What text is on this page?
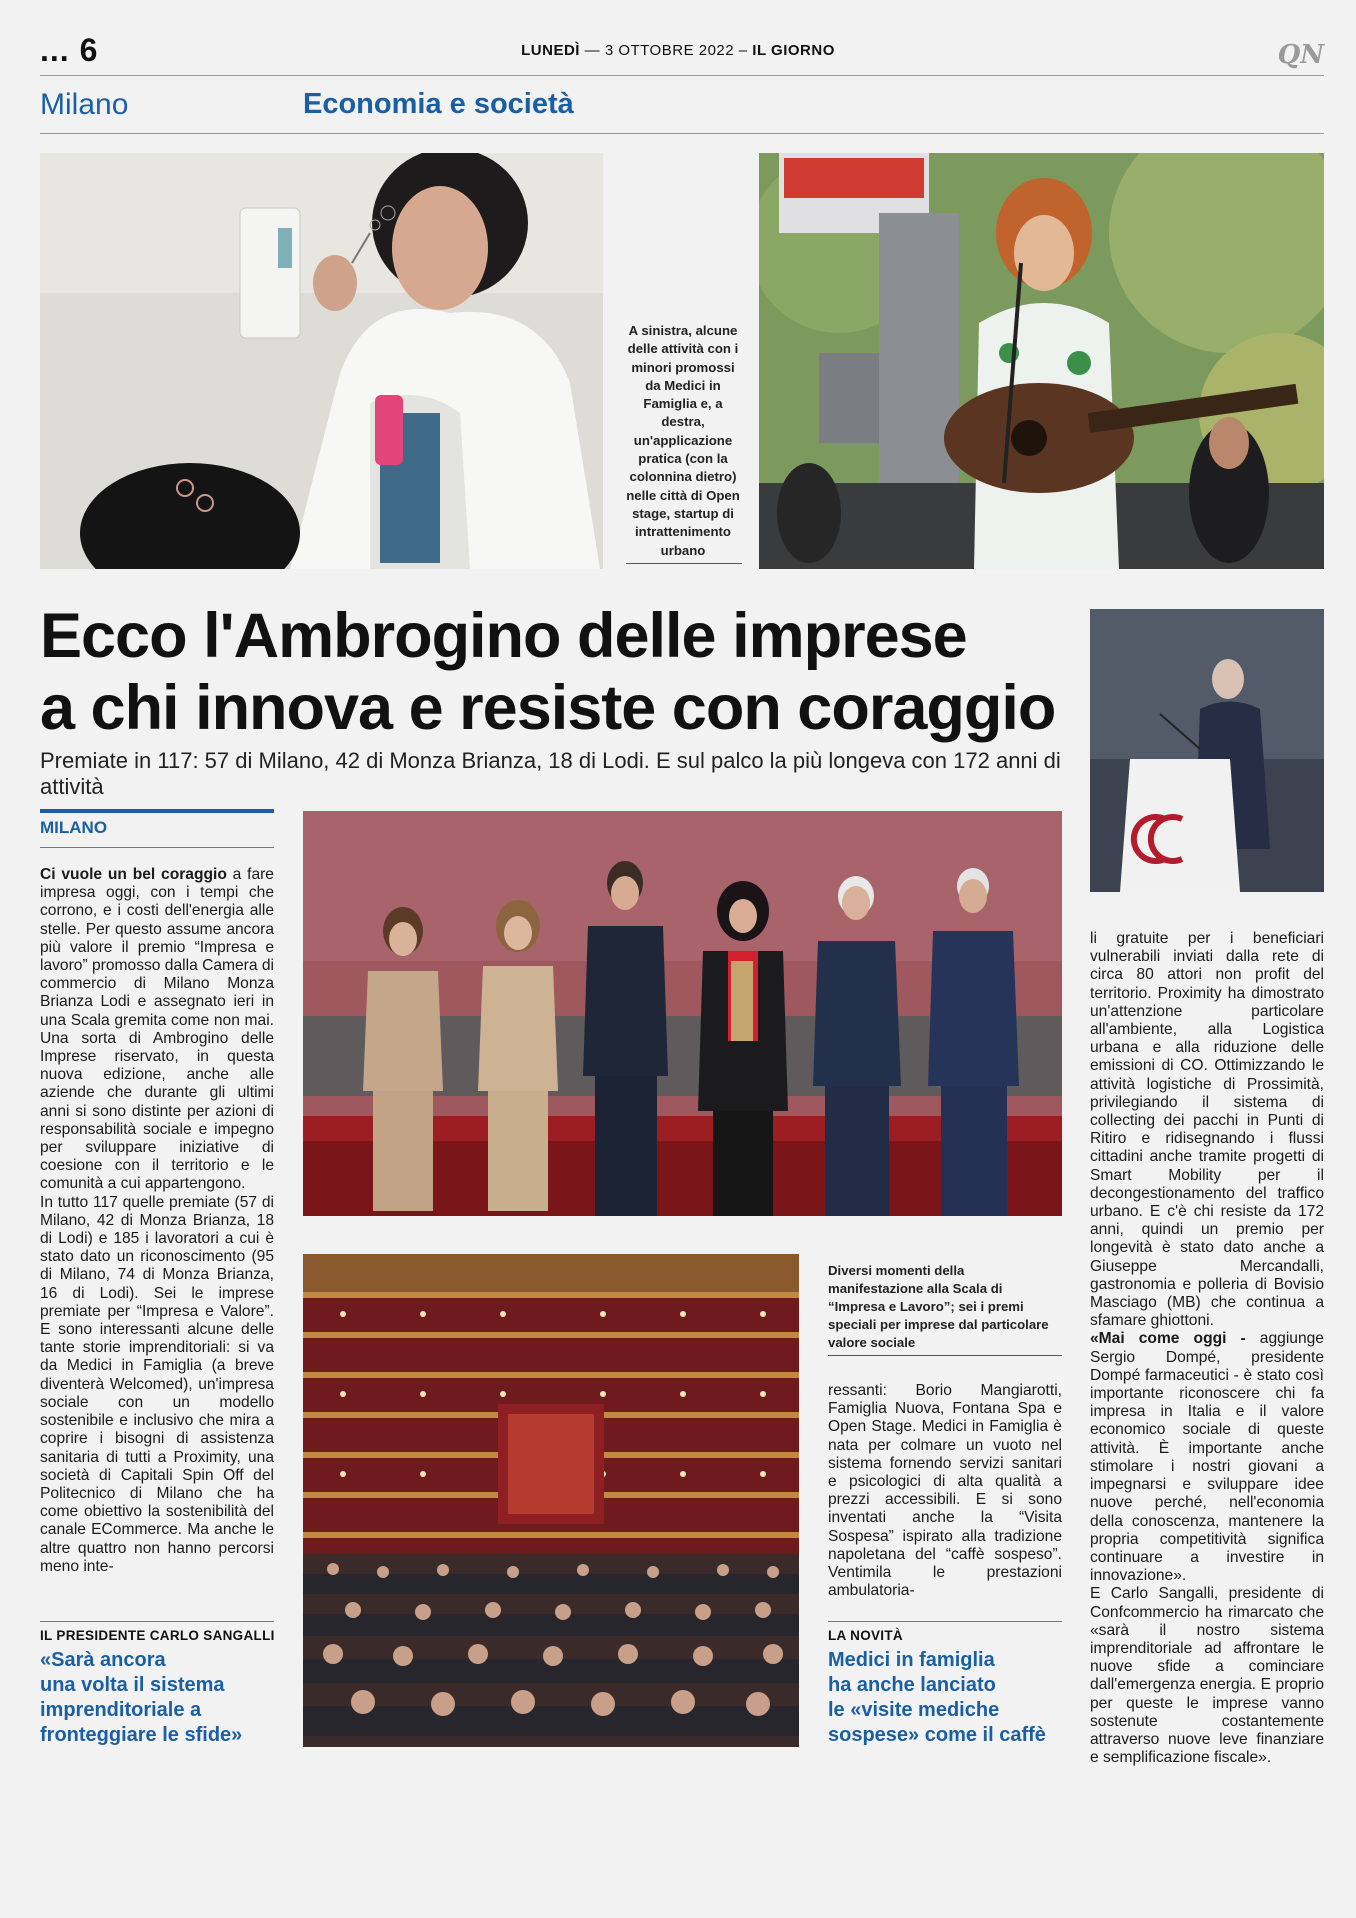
... 6	LUNEDÌ — 3 OTTOBRE 2022 – IL GIORNO	QN
Milano	Economia e società
A sinistra, alcune delle attività con i minori promossi da Medici in Famiglia e, a destra, un'applicazione pratica (con la colonnina dietro) nelle città di Open stage, startup di intrattenimento urbano
Ecco l'Ambrogino delle imprese
a chi innova e resiste con coraggio
Premiate in 117: 57 di Milano, 42 di Monza Brianza, 18 di Lodi. E sul palco la più longeva con 172 anni di attività
MILANO

Ci vuole un bel coraggio a fare impresa oggi, con i tempi che corrono, e i costi dell'energia alle stelle. Per questo assume ancora più valore il premio “Impresa e lavoro” promosso dalla Camera di commercio di Milano Monza Brianza Lodi e assegnato ieri in una Scala gremita come non mai. Una sorta di Ambrogino delle Imprese riservato, in questa nuova edizione, anche alle aziende che durante gli ultimi anni si sono distinte per azioni di responsabilità sociale e impegno per sviluppare iniziative di coesione con il territorio e le comunità a cui appartengono.

In tutto 117 quelle premiate (57 di Milano, 42 di Monza Brianza, 18 di Lodi) e 185 i lavoratori a cui è stato dato un riconoscimento (95 di Milano, 74 di Monza Brianza, 16 di Lodi). Sei le imprese premiate per “Impresa e Valore”. E sono interessanti alcune delle tante storie imprenditoriali: si va da Medici in Famiglia (a breve diventerà Welcomed), un'impresa sociale con un modello sostenibile e inclusivo che mira a coprire i bisogni di assistenza sanitaria di tutti a Proximity, una società di Capitali Spin Off del Politecnico di Milano che ha come obiettivo la sostenibilità del canale ECommerce. Ma anche le altre quattro non hanno percorsi meno inte-

IL PRESIDENTE CARLO SANGALLI
«Sarà ancora
una volta il sistema
imprenditoriale a
fronteggiare le sfide»
Diversi momenti della manifestazione alla Scala di “Impresa e Lavoro”; sei i premi speciali per imprese dal particolare valore sociale

ressanti: Borio Mangiarotti, Famiglia Nuova, Fontana Spa e Open Stage. Medici in Famiglia è nata per colmare un vuoto nel sistema fornendo servizi sanitari e psicologici di alta qualità a prezzi accessibili. E si sono inventati anche la “Visita Sospesa” ispirato alla tradizione napoletana del “caffè sospeso”. Ventimila le prestazioni ambulatoria-

LA NOVITÀ
Medici in famiglia
ha anche lanciato
le «visite mediche
sospese» come il caffè

li gratuite per i beneficiari vulnerabili inviati dalla rete di circa 80 attori non profit del territorio. Proximity ha dimostrato un'attenzione particolare all'ambiente, alla Logistica urbana e alla riduzione delle emissioni di CO. Ottimizzando le attività logistiche di Prossimità, privilegiando il sistema di collecting dei pacchi in Punti di Ritiro e ridisegnando i flussi cittadini anche tramite progetti di Smart Mobility per il decongestionamento del traffico urbano. E c'è chi resiste da 172 anni, quindi un premio per longevità è stato dato anche a Giuseppe Mercandalli, gastronomia e polleria di Bovisio Masciago (MB) che continua a sfamare ghiottoni.

«Mai come oggi - aggiunge Sergio Dompé, presidente Dompé farmaceutici - è stato così importante riconoscere chi fa impresa in Italia e il valore economico sociale di queste attività. È importante anche stimolare i nostri giovani a impegnarsi e sviluppare idee nuove perché, nell'economia della conoscenza, mantenere la propria competitività significa continuare a investire in innovazione».

E Carlo Sangalli, presidente di Confcommercio ha rimarcato che «sarà il nostro sistema imprenditoriale ad affrontare le nuove sfide a cominciare dall'emergenza energia. E proprio per queste le imprese vanno sostenute costantemente attraverso nuove leve finanziare e semplificazione fiscale».
